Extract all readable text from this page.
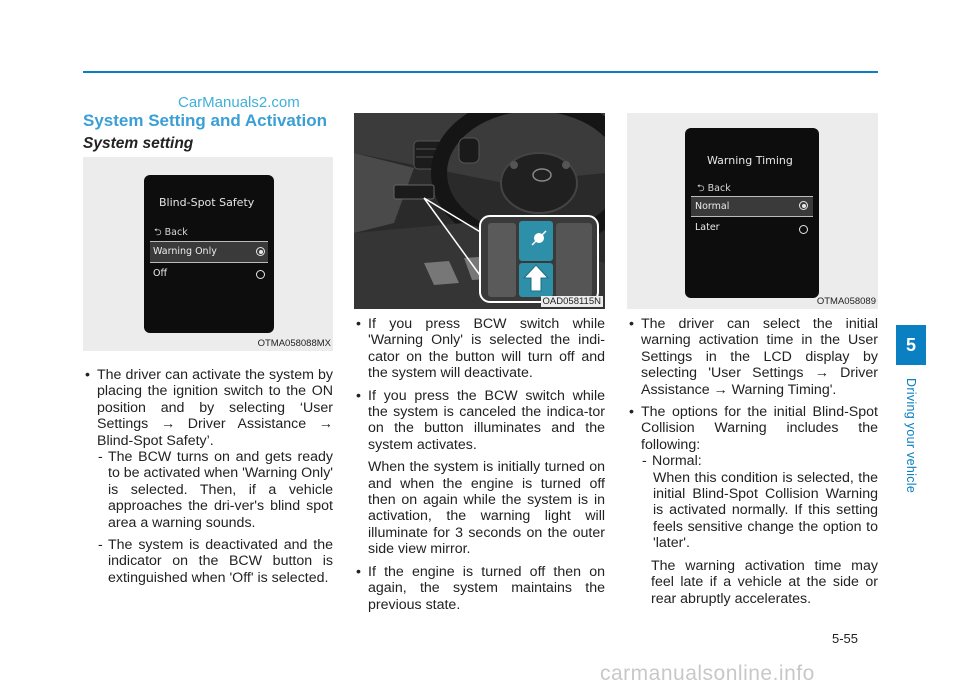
CarManuals2.com
System Setting and Activation
System setting
Blind-Spot Safety
⮌ Back
Warning Only
Off
OTMA058088MX
OAD058115N
Warning Timing
⮌ Back
Normal
Later
OTMA058089

• The driver can activate the system by placing the ignition switch to the ON position and by selecting ‘User Settings → Driver Assistance → Blind-Spot Safety’.

- The BCW turns on and gets ready to be activated when 'Warning Only' is selected. Then, if a vehicle approaches the dri-ver's blind spot area a warning sounds.

- The system is deactivated and the indicator on the BCW button is extinguished when 'Off' is selected.

• If you press BCW switch while 'Warning Only' is selected the indi-cator on the button will turn off and the system will deactivate.

• If you press the BCW switch while the system is canceled the indica-tor on the button illuminates and the system activates.

When the system is initially turned on and when the engine is turned off then on again while the system is in activation, the warning light will illuminate for 3 seconds on the outer side view mirror.

• If the engine is turned off then on again, the system maintains the previous state.

• The driver can select the initial warning activation time in the User Settings in the LCD display by selecting 'User Settings → Driver Assistance → Warning Timing'.

• The options for the initial Blind-Spot Collision Warning includes the following:

- Normal:

When this condition is selected, the initial Blind-Spot Collision Warning is activated normally. If this setting feels sensitive change the option to 'later'.

The warning activation time may feel late if a vehicle at the side or rear abruptly accelerates.

5
Driving your vehicle
5-55
carmanualsonline.info
